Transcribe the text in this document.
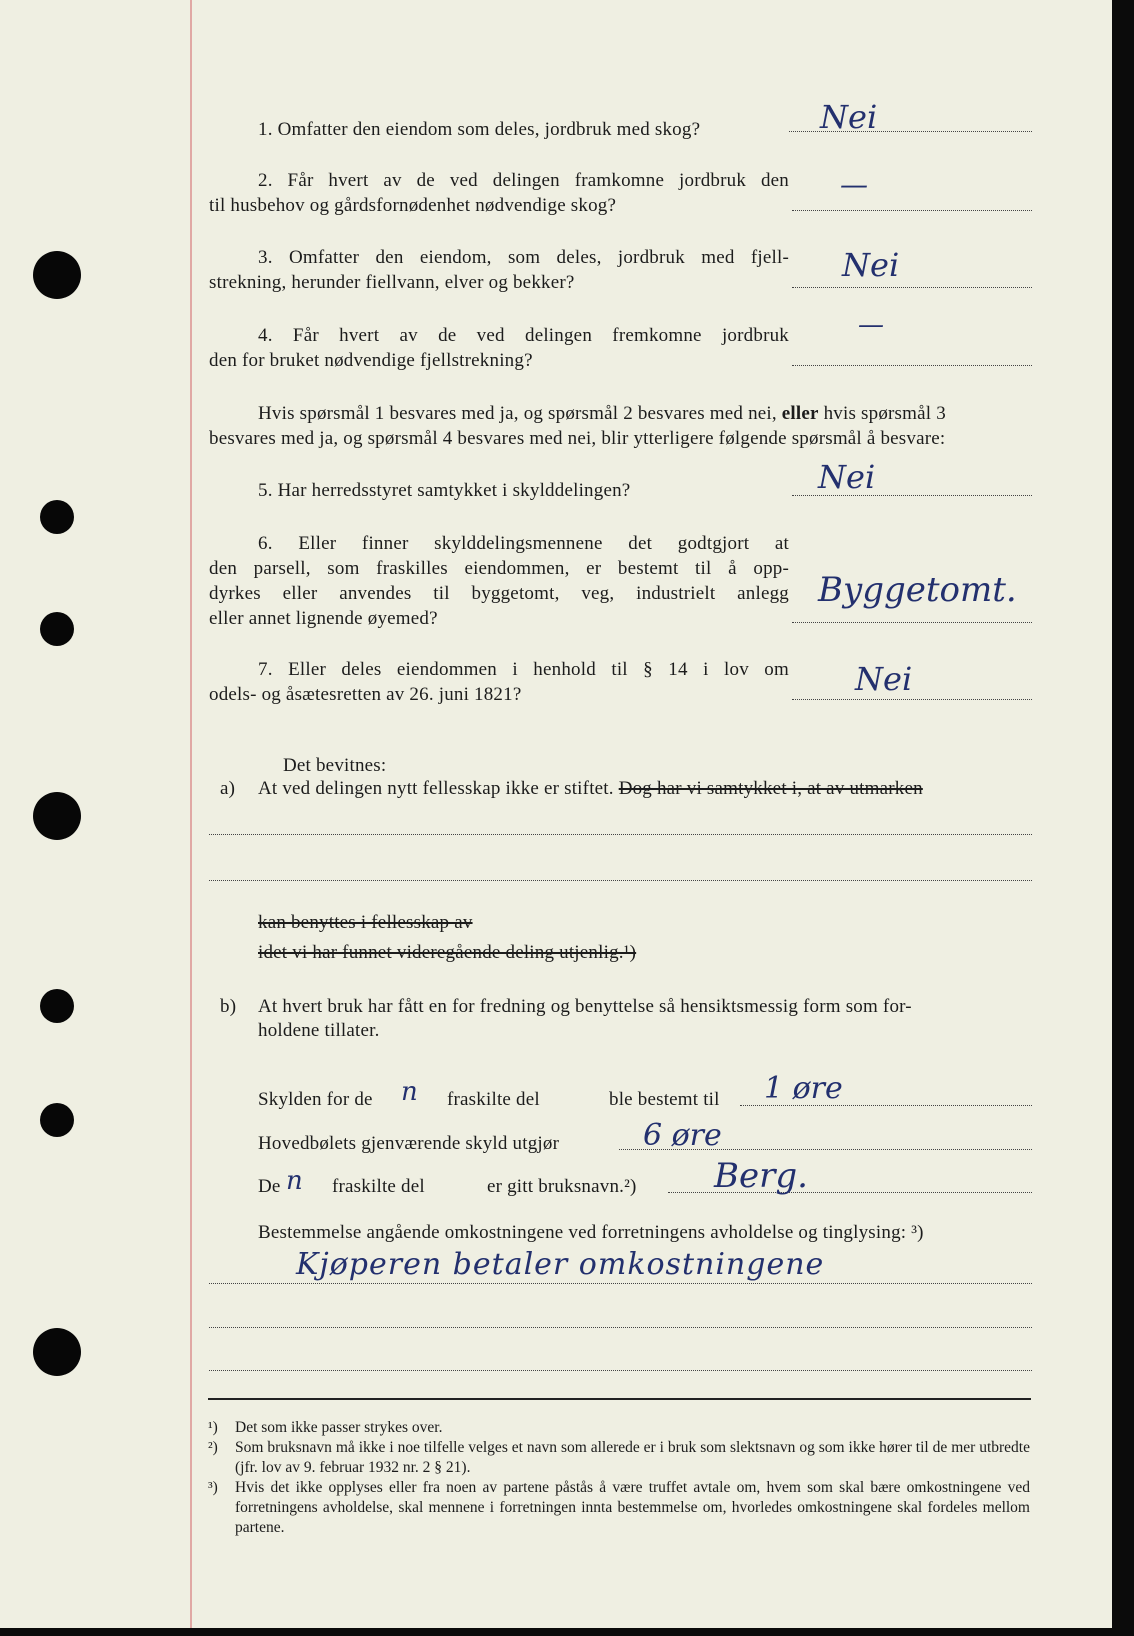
1. Omfatter den eiendom som deles, jordbruk med skog?	Nei
2. Får hvert av de ved delingen framkomne jordbruk den
til husbehov og gårdsfornødenhet nødvendige skog?
—
3. Omfatter den eiendom, som deles, jordbruk med fjell-
strekning, herunder fiellvann, elver og bekker?	Nei
4. Får hvert av de ved delingen fremkomne jordbruk
den for bruket nødvendige fjellstrekning?
—
Hvis spørsmål 1 besvares med ja, og spørsmål 2 besvares med nei, eller hvis spørsmål 3
besvares med ja, og spørsmål 4 besvares med nei, blir ytterligere følgende spørsmål å besvare:
5. Har herredsstyret samtykket i skylddelingen?	Nei
6. Eller finner skylddelingsmennene det godtgjort at
den parsell, som fraskilles eiendommen, er bestemt til å opp-
dyrkes eller anvendes til byggetomt, veg, industrielt anlegg
eller annet lignende øyemed?
Byggetomt.
7. Eller deles eiendommen i henhold til § 14 i lov om
odels- og åsætesretten av 26. juni 1821?	Nei
Det bevitnes:
a) At ved delingen nytt fellesskap ikke er stiftet. Dog har vi samtykket i, at av utmarken
kan benyttes i fellesskap av
idet vi har funnet videregående deling utjenlig.¹)
b) At hvert bruk har fått en for fredning og benyttelse så hensiktsmessig form som for-
holdene tillater.
Skylden for de n fraskilte del	ble bestemt til 1 øre
Hovedbølets gjenværende skyld utgjør	6 øre
De n fraskilte del	er gitt bruksnavn.²) Berg.
Bestemmelse angående omkostningene ved forretningens avholdelse og tinglysing: ³)
Kjøperen betaler omkostningene
¹) Det som ikke passer strykes over.
²) Som bruksnavn må ikke i noe tilfelle velges et navn som allerede er i bruk som slektsnavn og som ikke hører til de mer utbredte (jfr. lov av 9. februar 1932 nr. 2 § 21).
³) Hvis det ikke opplyses eller fra noen av partene påstås å være truffet avtale om, hvem som skal bære omkostningene ved forretningens avholdelse, skal mennene i forretningen innta bestemmelse om, hvorledes omkostningene skal fordeles mellom partene.
